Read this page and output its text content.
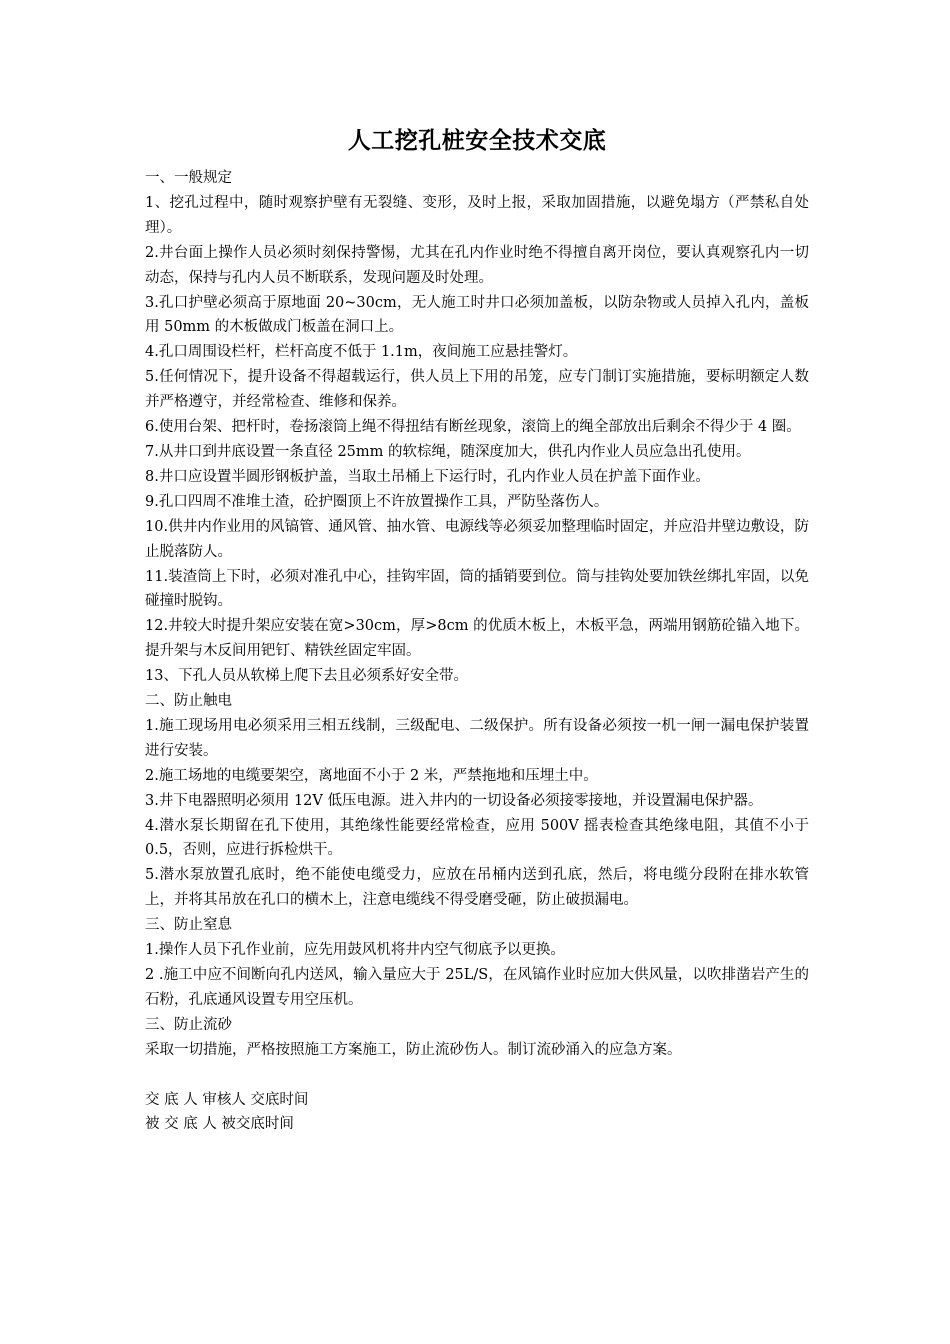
人工挖孔桩安全技术交底

一、一般规定

1、挖孔过程中，随时观察护壁有无裂缝、变形，及时上报，采取加固措施，以避免塌方（严禁私自处理）。

2.井台面上操作人员必须时刻保持警惕，尤其在孔内作业时绝不得擅自离开岗位，要认真观察孔内一切动态，保持与孔内人员不断联系，发现问题及时处理。

3.孔口护壁必须高于原地面 20~30cm，无人施工时井口必须加盖板，以防杂物或人员掉入孔内，盖板用 50mm 的木板做成门板盖在洞口上。

4.孔口周围设栏杆，栏杆高度不低于 1.1m，夜间施工应悬挂警灯。

5.任何情况下，提升设备不得超载运行，供人员上下用的吊笼，应专门制订实施措施，要标明额定人数并严格遵守，并经常检查、维修和保养。

6.使用台架、把杆时，卷扬滚筒上绳不得扭结有断丝现象，滚筒上的绳全部放出后剩余不得少于 4 圈。

7.从井口到井底设置一条直径 25mm 的软棕绳，随深度加大，供孔内作业人员应急出孔使用。

8.井口应设置半圆形钢板护盖，当取土吊桶上下运行时，孔内作业人员在护盖下面作业。

9.孔口四周不准堆土渣，砼护圈顶上不许放置操作工具，严防坠落伤人。

10.供井内作业用的风镐管、通风管、抽水管、电源线等必须妥加整理临时固定，并应沿井壁边敷设，防止脱落防人。

11.装渣筒上下时，必须对准孔中心，挂钩牢固，筒的插销要到位。筒与挂钩处要加铁丝绑扎牢固，以免碰撞时脱钩。

12.井较大时提升架应安装在宽>30cm，厚>8cm 的优质木板上，木板平急，两端用钢筋砼锚入地下。提升架与木反间用钯钉、精铁丝固定牢固。

13、下孔人员从软梯上爬下去且必须系好安全带。

二、防止触电

1.施工现场用电必须采用三相五线制，三级配电、二级保护。所有设备必须按一机一闸一漏电保护装置进行安装。

2.施工场地的电缆要架空，离地面不小于 2 米，严禁拖地和压埋土中。

3.井下电器照明必须用 12V 低压电源。进入井内的一切设备必须接零接地，并设置漏电保护器。

4.潜水泵长期留在孔下使用，其绝缘性能要经常检查，应用 500V 摇表检查其绝缘电阻，其值不小于 0.5，否则，应进行拆检烘干。

5.潜水泵放置孔底时，绝不能使电缆受力，应放在吊桶内送到孔底，然后，将电缆分段附在排水软管上，并将其吊放在孔口的横木上，注意电缆线不得受磨受砸，防止破损漏电。

三、防止窒息

1.操作人员下孔作业前，应先用鼓风机将井内空气彻底予以更换。

2 .施工中应不间断向孔内送风，输入量应大于 25L/S，在风镐作业时应加大供风量，以吹排凿岩产生的石粉，孔底通风设置专用空压机。

三、防止流砂

采取一切措施，严格按照施工方案施工，防止流砂伤人。制订流砂涌入的应急方案。

交 底 人 审核人 交底时间

被 交 底 人 被交底时间
